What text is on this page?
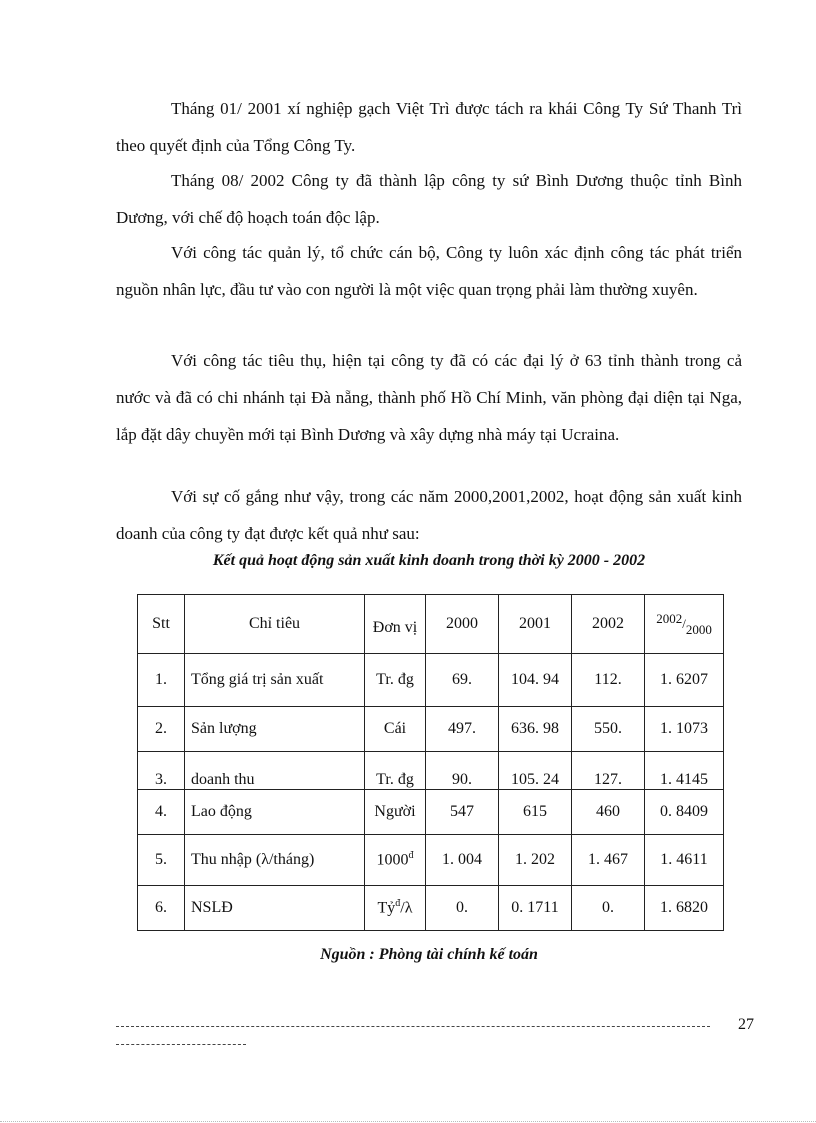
Tháng 01/ 2001 xí nghiệp gạch Việt Trì được tách ra khái Công Ty Sứ Thanh Trì theo quyết định của Tổng Công Ty.

Tháng 08/ 2002 Công ty đã thành lập công ty sứ Bình Dương thuộc tỉnh Bình Dương, với chế độ hoạch toán độc lập.

Với công tác quản lý, tổ chức cán bộ, Công ty luôn xác định công tác phát triển nguồn nhân lực, đầu tư vào con người là một việc quan trọng phải làm thường xuyên.

Với công tác tiêu thụ, hiện tại công ty đã có các đại lý ở 63 tỉnh thành trong cả nước và đã có chi nhánh tại Đà nẵng, thành phố Hồ Chí Minh, văn phòng đại diện tại Nga, lắp đặt dây chuyền mới tại Bình Dương và xây dựng nhà máy tại Ucraina.

Với sự cố gắng như vậy, trong các năm 2000,2001,2002, hoạt động sản xuất kinh doanh của công ty đạt được kết quả như sau:

Kết quả hoạt động sản xuất kinh doanh trong thời kỳ 2000 - 2002
Stt	Chỉ tiêu	Đơn vị	2000	2001	2002	2002/2000
1.	Tổng giá trị sản xuất	Tr. đg	69.	104. 94	112.	1. 6207
2.	Sản lượng	Cái	497.	636. 98	550.	1. 1073
3.	doanh thu	Tr. đg	90.	105. 24	127.	1. 4145
4.	Lao động	Người	547	615	460	0. 8409
5.	Thu nhập (λ/tháng)	$1000^đ$	1. 004	1. 202	1. 467	1. 4611
6.	NSLĐ	Tỷ$^đ$/λ	0.	0. 1711	0.	1. 6820
Nguồn : Phòng tài chính kế toán
27
